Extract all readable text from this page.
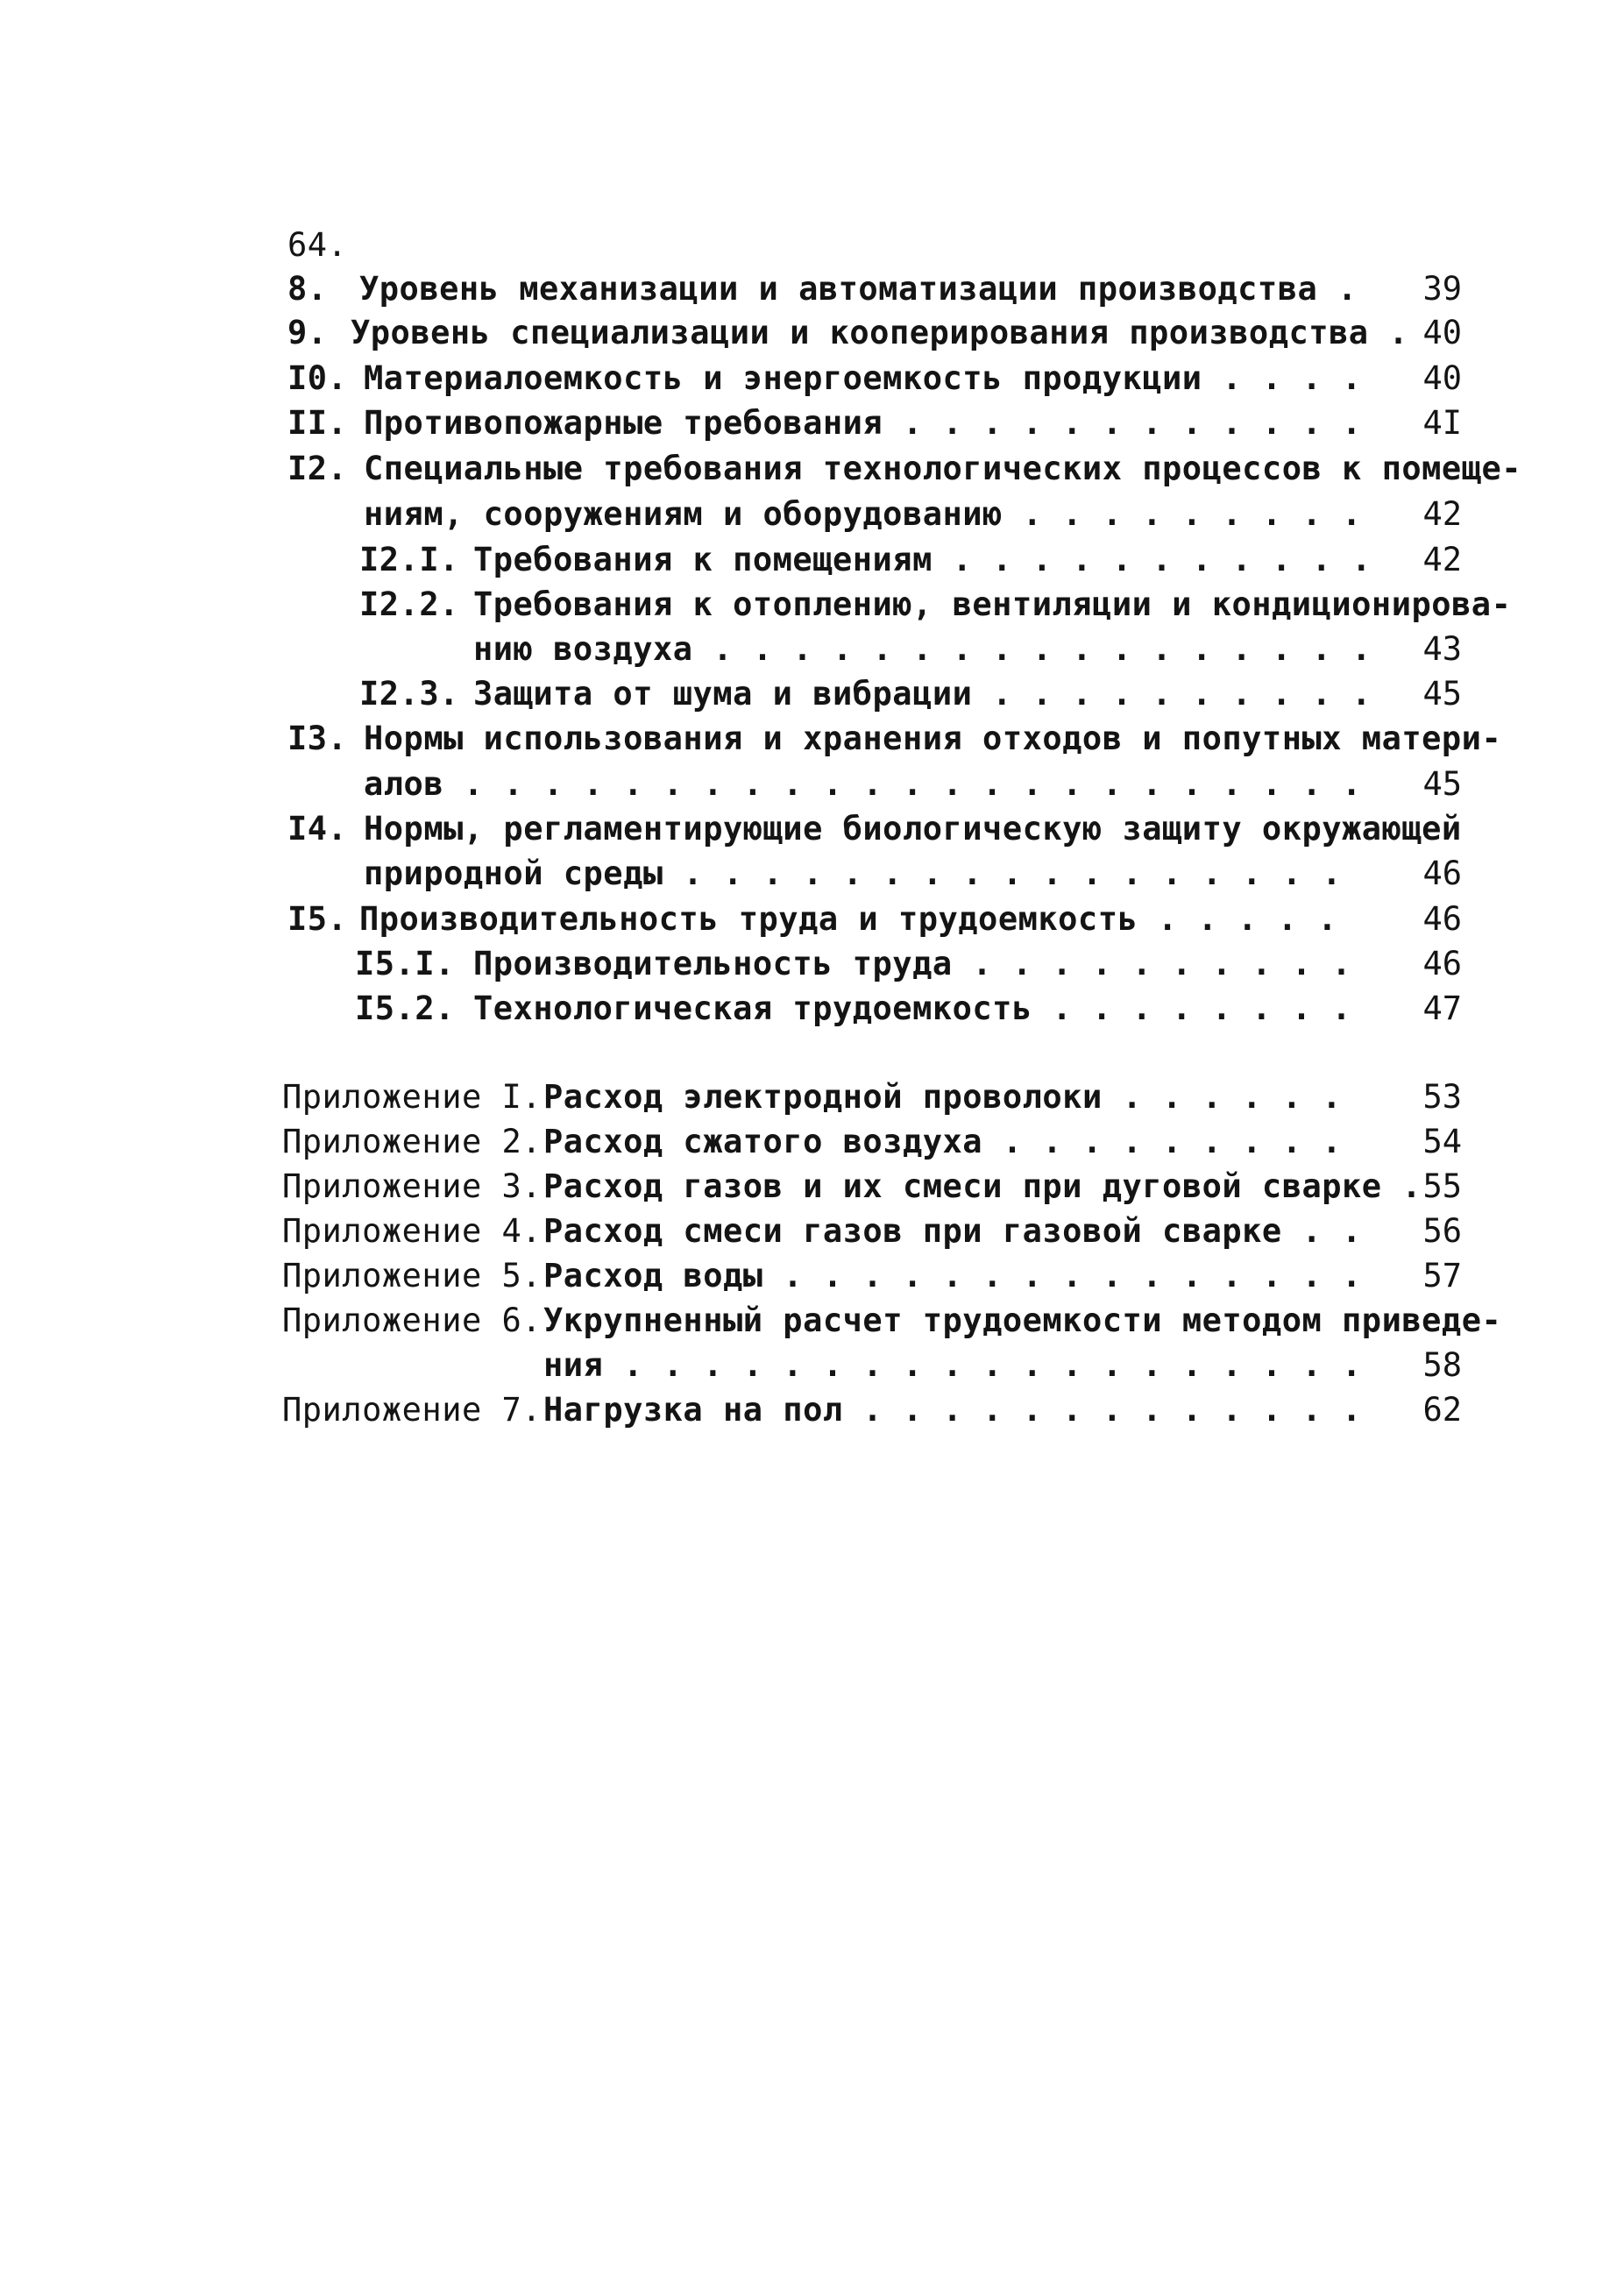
64.
8. Уровень механизации и автоматизации производства .	39
9. Уровень специализации и кооперирования производства . 40
I0. Материалоемкость и энергоемкость продукции . . . .	40
II. Противопожарные требования . . . . . . . . . . . .	4I
I2. Специальные требования технологических процессов к помеще-
ниям, сооружениям и оборудованию . . . . . . . . .	42
I2.I. Требования к помещениям . . . . . . . . . . .	42
I2.2. Требования к отоплению, вентиляции и кондиционирова-
нию воздуха . . . . . . . . . . . . . . . . .	43
I2.3. Защита от шума и вибрации . . . . . . . . . .	45
I3. Нормы использования и хранения отходов и попутных матери-
алов . . . . . . . . . . . . . . . . . . . . . . .	45
I4. Нормы, регламентирующие биологическую защиту окружающей
природной среды . . . . . . . . . . . . . . . . .	46
I5. Производительность труда и трудоемкость . . . . .	46
I5.I. Производительность труда . . . . . . . . . .	46
I5.2. Технологическая трудоемкость . . . . . . . .	47
Приложение I. Расход электродной проволоки . . . . . .	53
Приложение 2. Расход сжатого воздуха . . . . . . . . .	54
Приложение 3. Расход газов и их смеси при дуговой сварке . 55
Приложение 4. Расход смеси газов при газовой сварке . .	56
Приложение 5. Расход воды . . . . . . . . . . . . . . .	57
Приложение 6. Укрупненный расчет трудоемкости методом приведе-
ния . . . . . . . . . . . . . . . . . . .	58
Приложение 7. Нагрузка на пол . . . . . . . . . . . . .	62
